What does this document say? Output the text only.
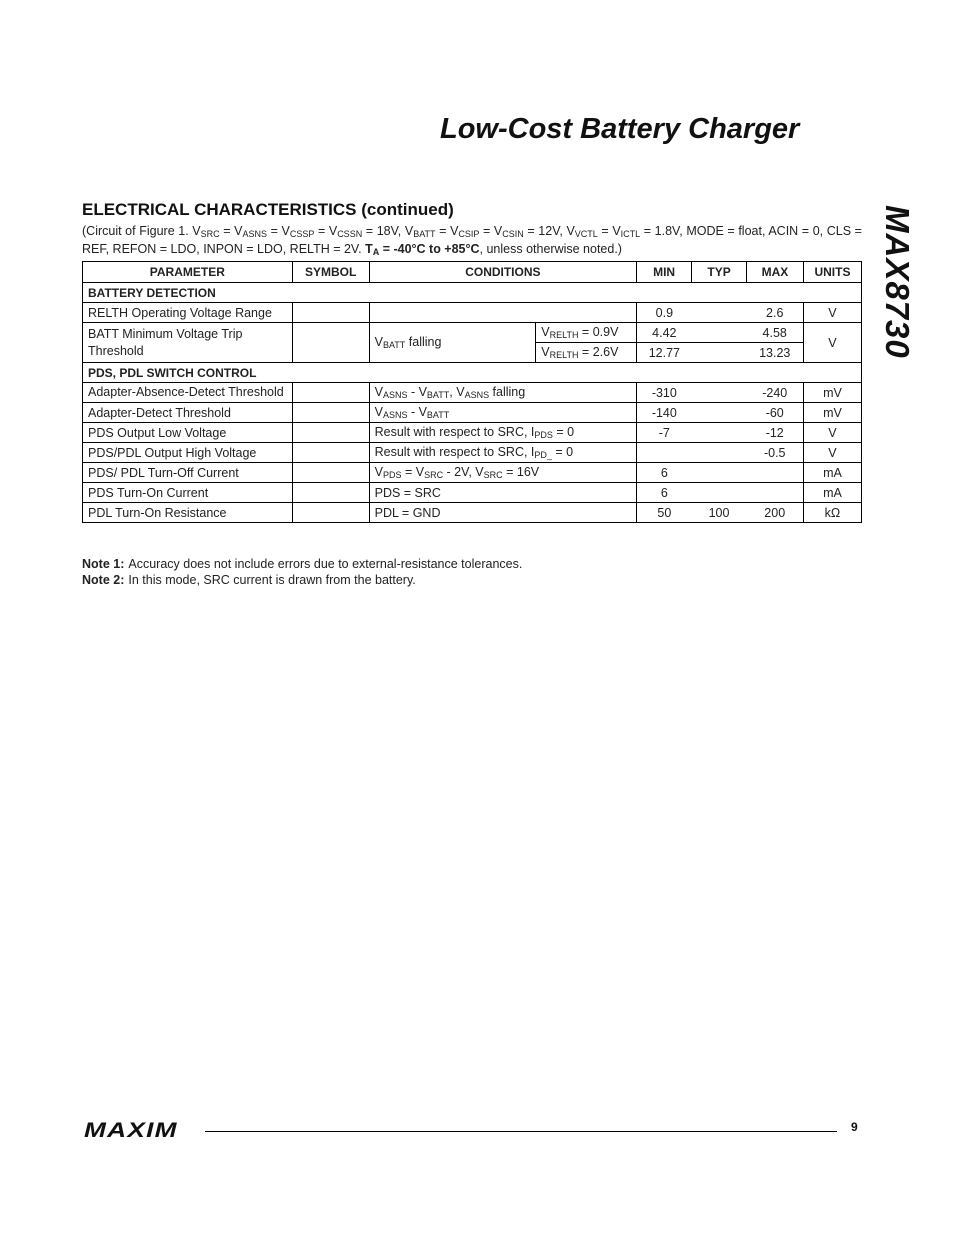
Low-Cost Battery Charger
MAX8730
ELECTRICAL CHARACTERISTICS (continued)
(Circuit of Figure 1. $V_{SRC} = V_{ASNS} = V_{CSSP} = V_{CSSN} = 18V$, $V_{BATT} = V_{CSIP} = V_{CSIN} = 12V$, $V_{VCTL} = V_{ICTL} = 1.8V$, MODE = float, ACIN = 0, CLS = REF, REFON = LDO, INPON = LDO, RELTH = 2V. $T_A = -40^\circ C$ to +85°C, unless otherwise noted.)
PARAMETER	SYMBOL	CONDITIONS		MIN	TYP	MAX	UNITS
BATTERY DETECTION							
RELTH Operating Voltage Range				0.9		2.6	V
BATT Minimum Voltage Trip Threshold		$V_{BATT}$ falling	$V_{RELTH} = 0.9V$	4.42		4.58	V
			$V_{RELTH} = 2.6V$	12.77		13.23	
PDS, PDL SWITCH CONTROL							
Adapter-Absence-Detect Threshold		$V_{ASNS} - V_{BATT}$, $V_{ASNS}$ falling		-310		-240	mV
Adapter-Detect Threshold		$V_{ASNS} - V_{BATT}$		-140		-60	mV
PDS Output Low Voltage		Result with respect to SRC, $I_{PDS} = 0$		-7		-12	V
PDS/PDL Output High Voltage		Result with respect to SRC, $I_{PD\_} = 0$				-0.5	V
PDS/ PDL Turn-Off Current		$V_{PDS} = V_{SRC} - 2V$, $V_{SRC} = 16V$		6			mA
PDS Turn-On Current		PDS = SRC		6			mA
PDL Turn-On Resistance		PDL = GND		50	100	200	kΩ
Note 1: Accuracy does not include errors due to external-resistance tolerances.
Note 2: In this mode, SRC current is drawn from the battery.
MAXIM	9
